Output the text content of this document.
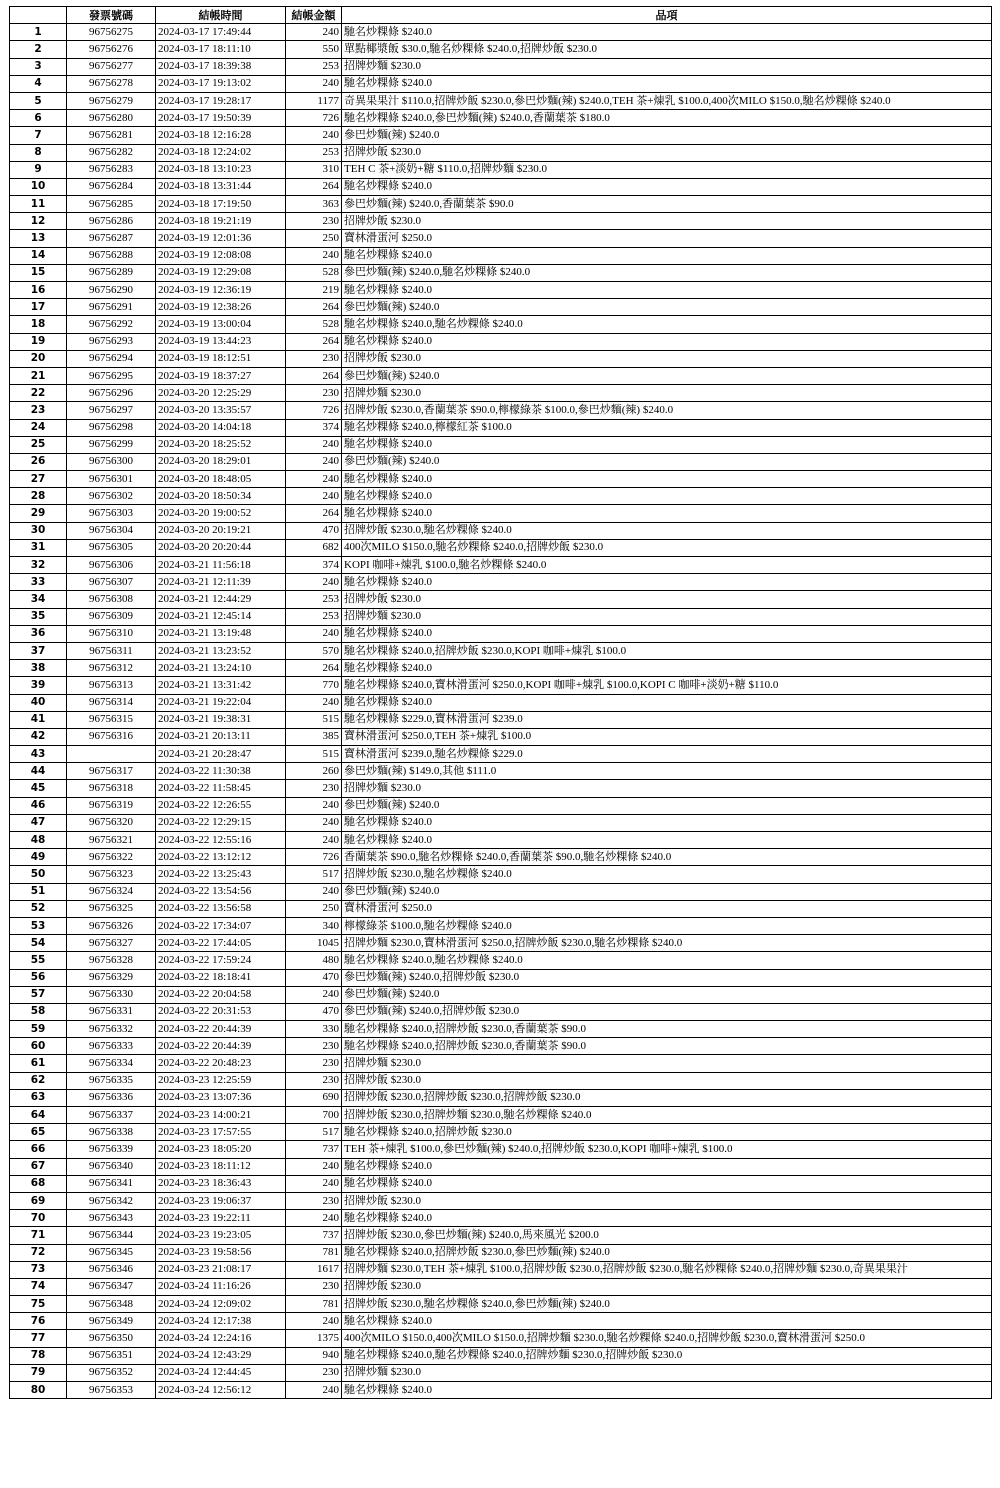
	發票號碼	結帳時間	結帳金額	品項
1	96756275	2024-03-17 17:49:44	240	馳名炒粿條 $240.0
2	96756276	2024-03-17 18:11:10	550	單點椰漿飯 $30.0,馳名炒粿條 $240.0,招牌炒飯 $230.0
3	96756277	2024-03-17 18:39:38	253	招牌炒麵 $230.0
4	96756278	2024-03-17 19:13:02	240	馳名炒粿條 $240.0
5	96756279	2024-03-17 19:28:17	1177	奇異果果汁 $110.0,招牌炒飯 $230.0,參巴炒麵(辣) $240.0,TEH 茶+煉乳 $100.0,400次MILO $150.0,馳名炒粿條 $240.0
6	96756280	2024-03-17 19:50:39	726	馳名炒粿條 $240.0,參巴炒麵(辣) $240.0,香蘭葉茶 $180.0
7	96756281	2024-03-18 12:16:28	240	參巴炒麵(辣) $240.0
8	96756282	2024-03-18 12:24:02	253	招牌炒飯 $230.0
9	96756283	2024-03-18 13:10:23	310	TEH C 茶+淡奶+糖 $110.0,招牌炒麵 $230.0
10	96756284	2024-03-18 13:31:44	264	馳名炒粿條 $240.0
11	96756285	2024-03-18 17:19:50	363	參巴炒麵(辣) $240.0,香蘭葉茶 $90.0
12	96756286	2024-03-18 19:21:19	230	招牌炒飯 $230.0
13	96756287	2024-03-19 12:01:36	250	寶林滑蛋河 $250.0
14	96756288	2024-03-19 12:08:08	240	馳名炒粿條 $240.0
15	96756289	2024-03-19 12:29:08	528	參巴炒麵(辣) $240.0,馳名炒粿條 $240.0
16	96756290	2024-03-19 12:36:19	219	馳名炒粿條 $240.0
17	96756291	2024-03-19 12:38:26	264	參巴炒麵(辣) $240.0
18	96756292	2024-03-19 13:00:04	528	馳名炒粿條 $240.0,馳名炒粿條 $240.0
19	96756293	2024-03-19 13:44:23	264	馳名炒粿條 $240.0
20	96756294	2024-03-19 18:12:51	230	招牌炒飯 $230.0
21	96756295	2024-03-19 18:37:27	264	參巴炒麵(辣) $240.0
22	96756296	2024-03-20 12:25:29	230	招牌炒麵 $230.0
23	96756297	2024-03-20 13:35:57	726	招牌炒飯 $230.0,香蘭葉茶 $90.0,檸檬綠茶 $100.0,參巴炒麵(辣) $240.0
24	96756298	2024-03-20 14:04:18	374	馳名炒粿條 $240.0,檸檬紅茶 $100.0
25	96756299	2024-03-20 18:25:52	240	馳名炒粿條 $240.0
26	96756300	2024-03-20 18:29:01	240	參巴炒麵(辣) $240.0
27	96756301	2024-03-20 18:48:05	240	馳名炒粿條 $240.0
28	96756302	2024-03-20 18:50:34	240	馳名炒粿條 $240.0
29	96756303	2024-03-20 19:00:52	264	馳名炒粿條 $240.0
30	96756304	2024-03-20 20:19:21	470	招牌炒飯 $230.0,馳名炒粿條 $240.0
31	96756305	2024-03-20 20:20:44	682	400次MILO $150.0,馳名炒粿條 $240.0,招牌炒飯 $230.0
32	96756306	2024-03-21 11:56:18	374	KOPI 咖啡+煉乳 $100.0,馳名炒粿條 $240.0
33	96756307	2024-03-21 12:11:39	240	馳名炒粿條 $240.0
34	96756308	2024-03-21 12:44:29	253	招牌炒飯 $230.0
35	96756309	2024-03-21 12:45:14	253	招牌炒麵 $230.0
36	96756310	2024-03-21 13:19:48	240	馳名炒粿條 $240.0
37	96756311	2024-03-21 13:23:52	570	馳名炒粿條 $240.0,招牌炒飯 $230.0,KOPI 咖啡+煉乳 $100.0
38	96756312	2024-03-21 13:24:10	264	馳名炒粿條 $240.0
39	96756313	2024-03-21 13:31:42	770	馳名炒粿條 $240.0,寶林滑蛋河 $250.0,KOPI 咖啡+煉乳 $100.0,KOPI C 咖啡+淡奶+糖 $110.0
40	96756314	2024-03-21 19:22:04	240	馳名炒粿條 $240.0
41	96756315	2024-03-21 19:38:31	515	馳名炒粿條 $229.0,寶林滑蛋河 $239.0
42	96756316	2024-03-21 20:13:11	385	寶林滑蛋河 $250.0,TEH 茶+煉乳 $100.0
43		2024-03-21 20:28:47	515	寶林滑蛋河 $239.0,馳名炒粿條 $229.0
44	96756317	2024-03-22 11:30:38	260	參巴炒麵(辣) $149.0,其他 $111.0
45	96756318	2024-03-22 11:58:45	230	招牌炒麵 $230.0
46	96756319	2024-03-22 12:26:55	240	參巴炒麵(辣) $240.0
47	96756320	2024-03-22 12:29:15	240	馳名炒粿條 $240.0
48	96756321	2024-03-22 12:55:16	240	馳名炒粿條 $240.0
49	96756322	2024-03-22 13:12:12	726	香蘭葉茶 $90.0,馳名炒粿條 $240.0,香蘭葉茶 $90.0,馳名炒粿條 $240.0
50	96756323	2024-03-22 13:25:43	517	招牌炒飯 $230.0,馳名炒粿條 $240.0
51	96756324	2024-03-22 13:54:56	240	參巴炒麵(辣) $240.0
52	96756325	2024-03-22 13:56:58	250	寶林滑蛋河 $250.0
53	96756326	2024-03-22 17:34:07	340	檸檬綠茶 $100.0,馳名炒粿條 $240.0
54	96756327	2024-03-22 17:44:05	1045	招牌炒麵 $230.0,寶林滑蛋河 $250.0,招牌炒飯 $230.0,馳名炒粿條 $240.0
55	96756328	2024-03-22 17:59:24	480	馳名炒粿條 $240.0,馳名炒粿條 $240.0
56	96756329	2024-03-22 18:18:41	470	參巴炒麵(辣) $240.0,招牌炒飯 $230.0
57	96756330	2024-03-22 20:04:58	240	參巴炒麵(辣) $240.0
58	96756331	2024-03-22 20:31:53	470	參巴炒麵(辣) $240.0,招牌炒飯 $230.0
59	96756332	2024-03-22 20:44:39	330	馳名炒粿條 $240.0,招牌炒飯 $230.0,香蘭葉茶 $90.0
60	96756333	2024-03-22 20:44:39	230	馳名炒粿條 $240.0,招牌炒飯 $230.0,香蘭葉茶 $90.0
61	96756334	2024-03-22 20:48:23	230	招牌炒麵 $230.0
62	96756335	2024-03-23 12:25:59	230	招牌炒飯 $230.0
63	96756336	2024-03-23 13:07:36	690	招牌炒飯 $230.0,招牌炒飯 $230.0,招牌炒飯 $230.0
64	96756337	2024-03-23 14:00:21	700	招牌炒飯 $230.0,招牌炒麵 $230.0,馳名炒粿條 $240.0
65	96756338	2024-03-23 17:57:55	517	馳名炒粿條 $240.0,招牌炒飯 $230.0
66	96756339	2024-03-23 18:05:20	737	TEH 茶+煉乳 $100.0,參巴炒麵(辣) $240.0,招牌炒飯 $230.0,KOPI 咖啡+煉乳 $100.0
67	96756340	2024-03-23 18:11:12	240	馳名炒粿條 $240.0
68	96756341	2024-03-23 18:36:43	240	馳名炒粿條 $240.0
69	96756342	2024-03-23 19:06:37	230	招牌炒飯 $230.0
70	96756343	2024-03-23 19:22:11	240	馳名炒粿條 $240.0
71	96756344	2024-03-23 19:23:05	737	招牌炒飯 $230.0,參巴炒麵(辣) $240.0,馬來風光 $200.0
72	96756345	2024-03-23 19:58:56	781	馳名炒粿條 $240.0,招牌炒飯 $230.0,參巴炒麵(辣) $240.0
73	96756346	2024-03-23 21:08:17	1617	招牌炒麵 $230.0,TEH 茶+煉乳 $100.0,招牌炒飯 $230.0,招牌炒飯 $230.0,馳名炒粿條 $240.0,招牌炒麵 $230.0,奇異果果汁
74	96756347	2024-03-24 11:16:26	230	招牌炒飯 $230.0
75	96756348	2024-03-24 12:09:02	781	招牌炒飯 $230.0,馳名炒粿條 $240.0,參巴炒麵(辣) $240.0
76	96756349	2024-03-24 12:17:38	240	馳名炒粿條 $240.0
77	96756350	2024-03-24 12:24:16	1375	400次MILO $150.0,400次MILO $150.0,招牌炒麵 $230.0,馳名炒粿條 $240.0,招牌炒飯 $230.0,寶林滑蛋河 $250.0
78	96756351	2024-03-24 12:43:29	940	馳名炒粿條 $240.0,馳名炒粿條 $240.0,招牌炒麵 $230.0,招牌炒飯 $230.0
79	96756352	2024-03-24 12:44:45	230	招牌炒麵 $230.0
80	96756353	2024-03-24 12:56:12	240	馳名炒粿條 $240.0
